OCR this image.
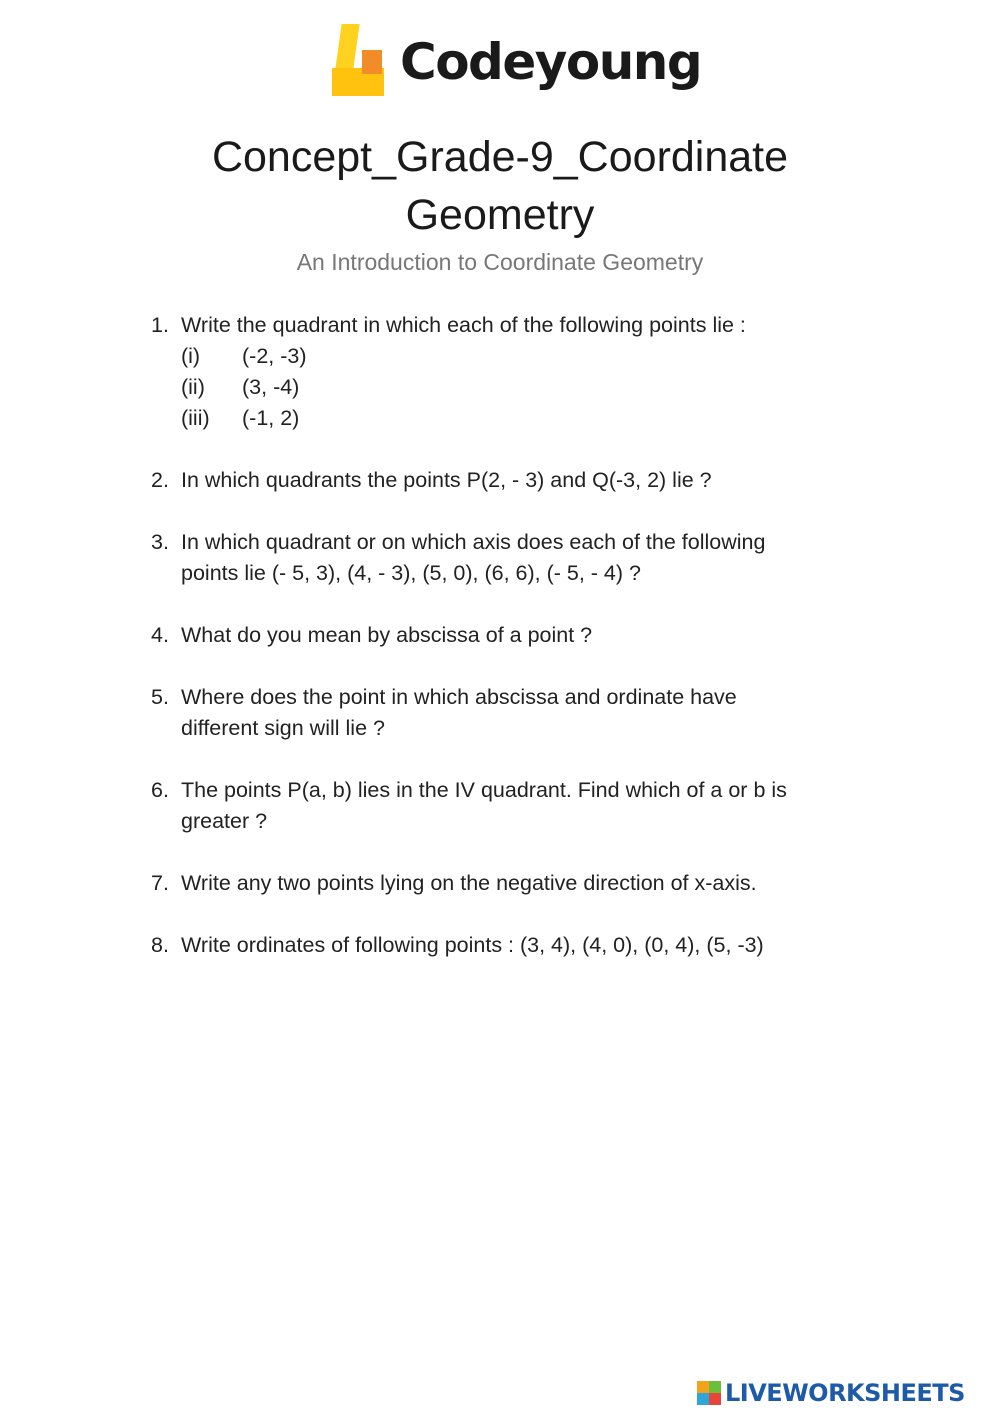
Codeyoung
Concept_Grade-9_Coordinate
Geometry

An Introduction to Coordinate Geometry

1. Write the quadrant in which each of the following points lie :
(i)	(-2, -3)
(ii)	(3, -4)
(iii)	(-1, 2)
2. In which quadrants the points P(2, - 3) and Q(-3, 2) lie ?
3. In which quadrant or on which axis does each of the following
points lie (- 5, 3), (4, - 3), (5, 0), (6, 6), (- 5, - 4) ?
4. What do you mean by abscissa of a point ?
5. Where does the point in which abscissa and ordinate have
different sign will lie ?
6. The points P(a, b) lies in the IV quadrant. Find which of a or b is
greater ?
7. Write any two points lying on the negative direction of x-axis.
8. Write ordinates of following points : (3, 4), (4, 0), (0, 4), (5, -3)
LIVEWORKSHEETS
